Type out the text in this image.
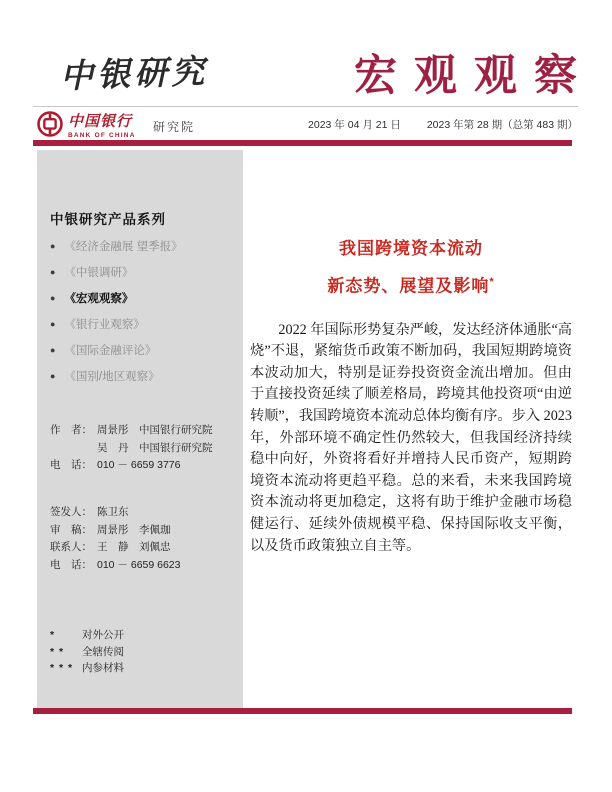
中银研究	宏观观察
中国银行
BANK OF CHINA
研究院	2023 年 04 月 21 日 2023 年第 28 期（总第 483 期）
中银研究产品系列
● 《经济金融展 望季报》
● 《中银调研》
● 《宏观观察》
● 《银行业观察》
● 《国际金融评论》
● 《国别/地区观察》
作　者： 周景彤　中国银行研究院
吴　丹　中国银行研究院
电　话： 010 － 6659 3776
签发人： 陈卫东
审　稿： 周景彤　李佩珈
联系人： 王　静　刘佩忠
电　话： 010 － 6659 6623
*	对外公开
* *	全辖传阅
* * * 内参材料
我国跨境资本流动
新态势、展望及影响*
2022 年国际形势复杂严峻，发达经济体通胀“高烧”不退，紧缩货币政策不断加码，我国短期跨境资本波动加大，特别是证券投资资金流出增加。但由于直接投资延续了顺差格局，跨境其他投资项“由逆转顺”，我国跨境资本流动总体均衡有序。步入 2023 年，外部环境不确定性仍然较大，但我国经济持续稳中向好，外资将看好并增持人民币资产，短期跨境资本流动将更趋平稳。总的来看，未来我国跨境资本流动将更加稳定，这将有助于维护金融市场稳健运行、延续外债规模平稳、保持国际收支平衡，以及货币政策独立自主等。
